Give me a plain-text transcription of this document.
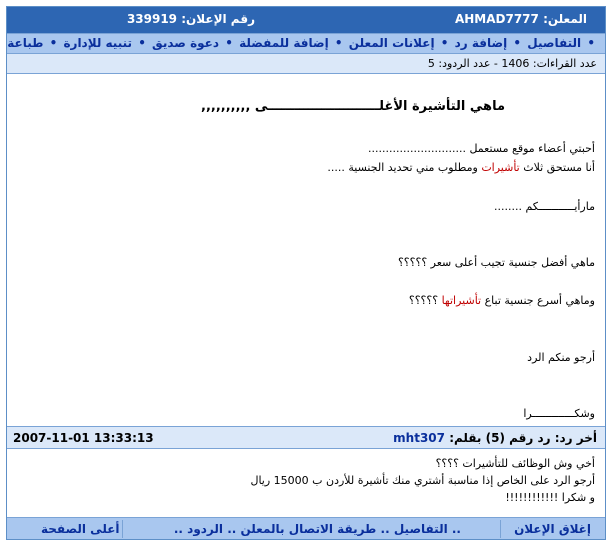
المعلن: AHMAD7777
رقم الإعلان: 339919
• التفاصيل • إضافة رد • إعلانات المعلن • إضافة للمفضلة • دعوة صديق • تنبيه للإدارة • طباعة
عدد القراءات: 1406 - عدد الردود: 5
ماهي التأشيرة الأغلـــــــــــــــــــــــــى ,,,,,,,,,,
أحبتي أعضاء موقع مستعمل ............................
أنا مستحق ثلاث تأشيرات ومطلوب مني تحديد الجنسية .....
مارأيـــــــــــكم ........
ماهي أفضل جنسية تجيب أعلى سعر ؟؟؟؟؟
وماهي أسرع جنسية تباع تأشيراتها ؟؟؟؟؟
أرجو منكم الرد
وشكـــــــــــــرا
أخر رد: رد رقم (5) بقلم: mht307
2007-11-01 13:33:13
أخي وش الوظائف للتأشيرات ؟؟؟؟
أرجو الرد على الخاص إذا مناسبة أشتري منك تأشيرة للأردن ب 15000 ريال
و شكرا !!!!!!!!!!!!
إغلاق الإعلان
.. التفاصيل .. طريقة الاتصال بالمعلن .. الردود ..
أعلى الصفحة
